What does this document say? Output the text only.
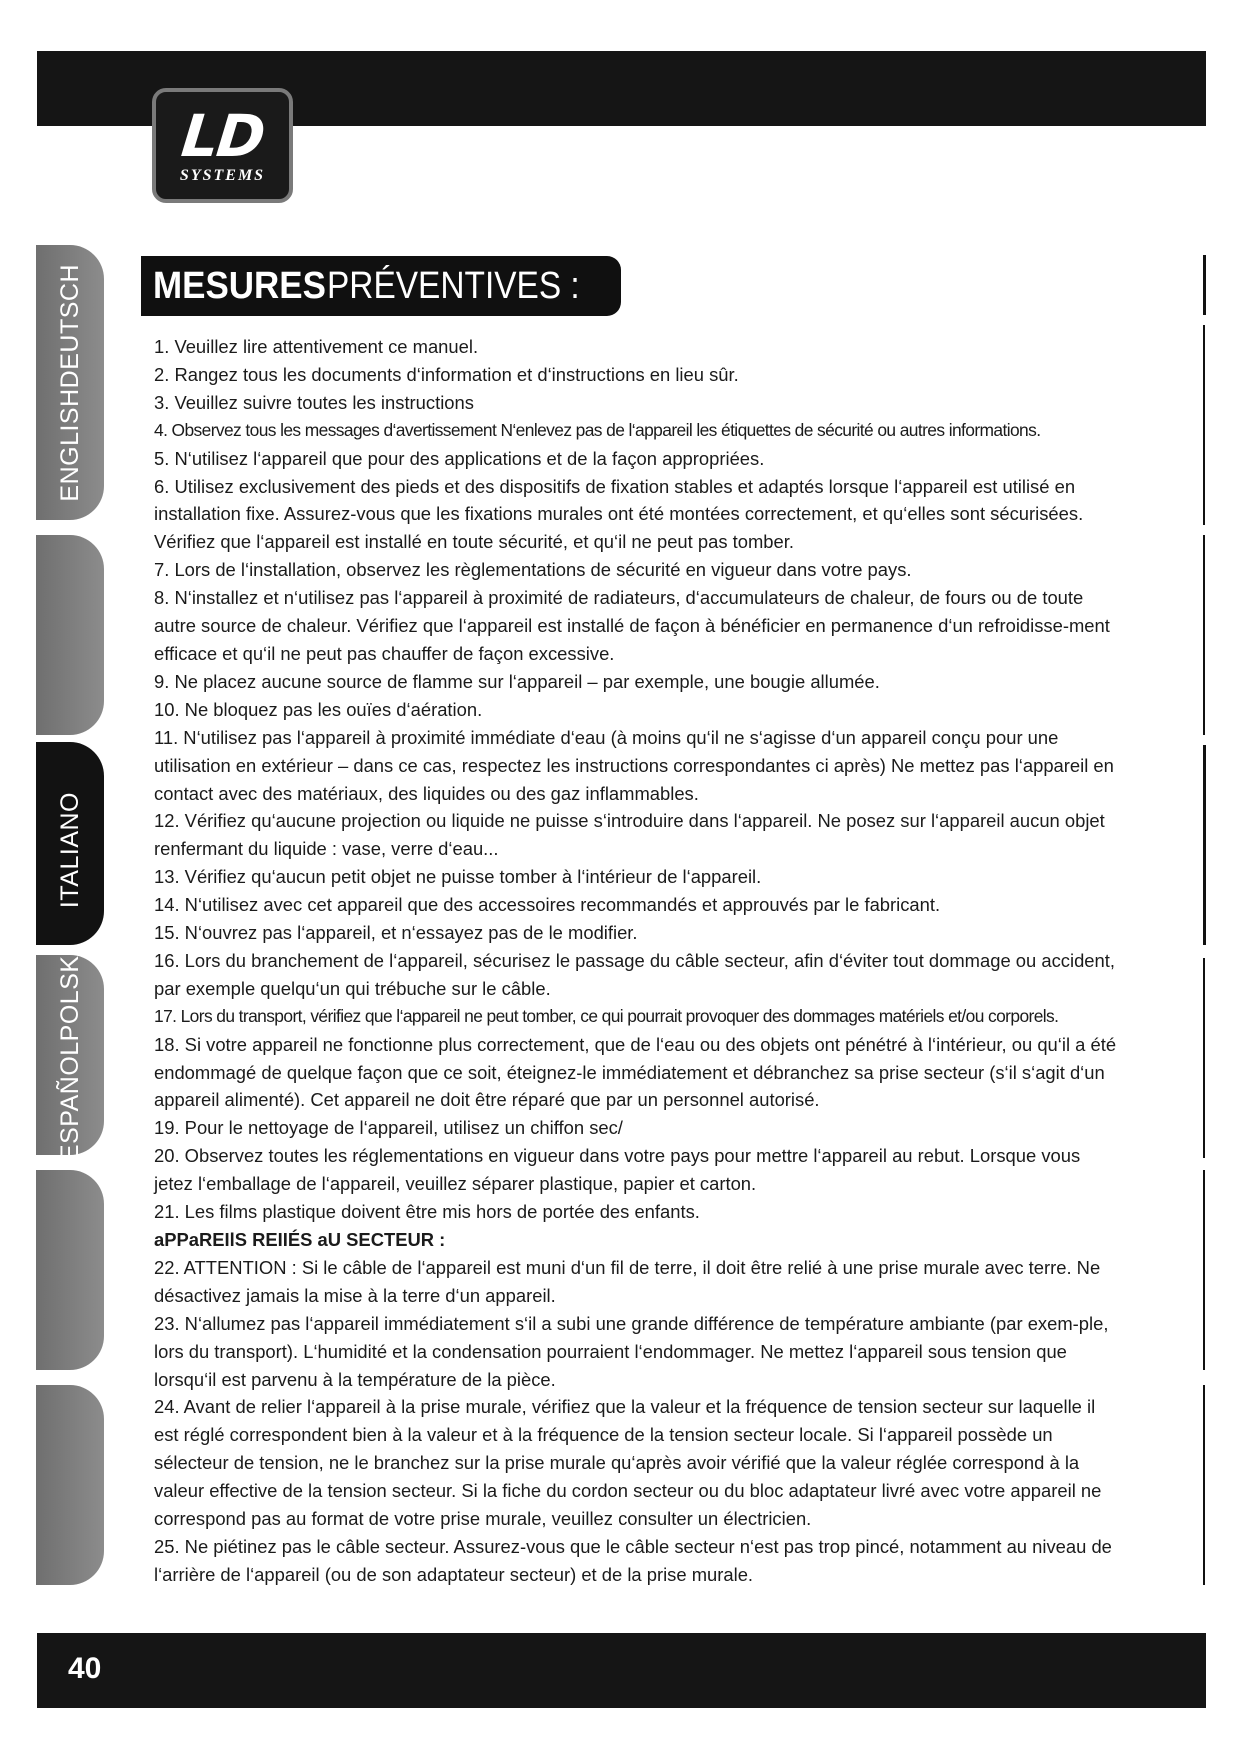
LD
SYSTEMS
ENGLISHDEUTSCH
ESPAÑOLPOLSKI
ITALIANO
MESURES PRÉVENTIVES :

1. Veuillez lire attentivement ce manuel.

2. Rangez tous les documents d‘information et d‘instructions en lieu sûr.

3. Veuillez suivre toutes les instructions

4. Observez tous les messages d‘avertissement N‘enlevez pas de l‘appareil les étiquettes de sécurité ou autres informations.

5. N‘utilisez l‘appareil que pour des applications et de la façon appropriées.

6. Utilisez exclusivement des pieds et des dispositifs de fixation stables et adaptés lorsque l‘appareil est utilisé en installation fixe. Assurez-vous que les fixations murales ont été montées correctement, et qu‘elles sont sécurisées. Vérifiez que l‘appareil est installé en toute sécurité, et qu‘il ne peut pas tomber.

7. Lors de l‘installation, observez les règlementations de sécurité en vigueur dans votre pays.

8. N‘installez et n‘utilisez pas l‘appareil à proximité de radiateurs, d‘accumulateurs de chaleur, de fours ou de toute autre source de chaleur. Vérifiez que l‘appareil est installé de façon à bénéficier en permanence d‘un refroidisse-ment efficace et qu‘il ne peut pas chauffer de façon excessive.

9. Ne placez aucune source de flamme sur l‘appareil – par exemple, une bougie allumée.

10. Ne bloquez pas les ouïes d‘aération.

11. N‘utilisez pas l‘appareil à proximité immédiate d‘eau (à moins qu‘il ne s‘agisse d‘un appareil conçu pour une utilisation en extérieur – dans ce cas, respectez les instructions correspondantes ci après) Ne mettez pas l‘appareil en contact avec des matériaux, des liquides ou des gaz inflammables.

12. Vérifiez qu‘aucune projection ou liquide ne puisse s‘introduire dans l‘appareil. Ne posez sur l‘appareil aucun objet renfermant du liquide : vase, verre d‘eau...

13. Vérifiez qu‘aucun petit objet ne puisse tomber à l‘intérieur de l‘appareil.

14. N‘utilisez avec cet appareil que des accessoires recommandés et approuvés par le fabricant.

15. N‘ouvrez pas l‘appareil, et n‘essayez pas de le modifier.

16. Lors du branchement de l‘appareil, sécurisez le passage du câble secteur, afin d‘éviter tout dommage ou accident, par exemple quelqu‘un qui trébuche sur le câble.

17. Lors du transport, vérifiez que l‘appareil ne peut tomber, ce qui pourrait provoquer des dommages matériels et/ou corporels.

18. Si votre appareil ne fonctionne plus correctement, que de l‘eau ou des objets ont pénétré à l‘intérieur, ou qu‘il a été endommagé de quelque façon que ce soit, éteignez-le immédiatement et débranchez sa prise secteur (s‘il s‘agit d‘un appareil alimenté). Cet appareil ne doit être réparé que par un personnel autorisé.

19. Pour le nettoyage de l‘appareil, utilisez un chiffon sec/

20. Observez toutes les réglementations en vigueur dans votre pays pour mettre l‘appareil au rebut. Lorsque vous jetez l‘emballage de l‘appareil, veuillez séparer plastique, papier et carton.

21. Les films plastique doivent être mis hors de portée des enfants.

aPPaREIlS REIIÉS aU SECTEUR :

22. ATTENTION : Si le câble de l‘appareil est muni d‘un fil de terre, il doit être relié à une prise murale avec terre. Ne désactivez jamais la mise à la terre d‘un appareil.

23. N‘allumez pas l‘appareil immédiatement s‘il a subi une grande différence de température ambiante (par exem-ple, lors du transport). L‘humidité et la condensation pourraient l‘endommager. Ne mettez l‘appareil sous tension que lorsqu‘il est parvenu à la température de la pièce.

24. Avant de relier l‘appareil à la prise murale, vérifiez que la valeur et la fréquence de tension secteur sur laquelle il est réglé correspondent bien à la valeur et à la fréquence de la tension secteur locale. Si l‘appareil possède un sélecteur de tension, ne le branchez sur la prise murale qu‘après avoir vérifié que la valeur réglée correspond à la valeur effective de la tension secteur. Si la fiche du cordon secteur ou du bloc adaptateur livré avec votre appareil ne correspond pas au format de votre prise murale, veuillez consulter un électricien.

25. Ne piétinez pas le câble secteur. Assurez-vous que le câble secteur n‘est pas trop pincé, notamment au niveau de l‘arrière de l‘appareil (ou de son adaptateur secteur) et de la prise murale.

40
